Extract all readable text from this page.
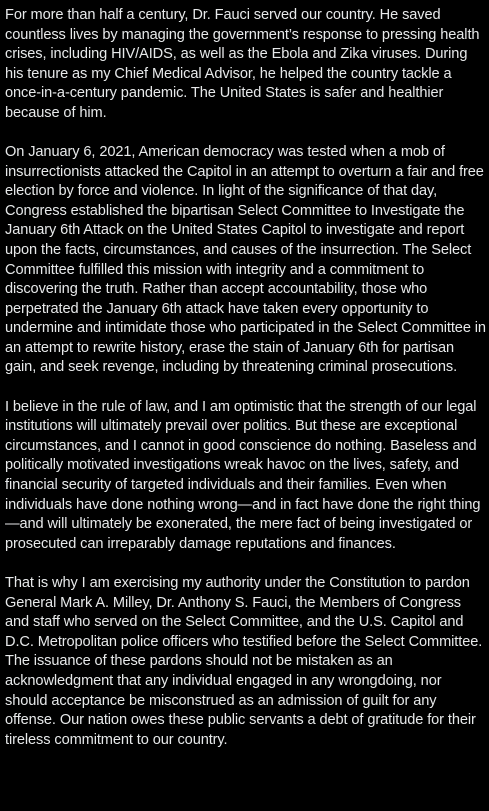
For more than half a century, Dr. Fauci served our country. He saved countless lives by managing the government’s response to pressing health crises, including HIV/AIDS, as well as the Ebola and Zika viruses. During his tenure as my Chief Medical Advisor, he helped the country tackle a once-in-a-century pandemic. The United States is safer and healthier because of him.

On January 6, 2021, American democracy was tested when a mob of insurrectionists attacked the Capitol in an attempt to overturn a fair and free election by force and violence. In light of the significance of that day, Congress established the bipartisan Select Committee to Investigate the January 6th Attack on the United States Capitol to investigate and report upon the facts, circumstances, and causes of the insurrection. The Select Committee fulfilled this mission with integrity and a commitment to discovering the truth. Rather than accept accountability, those who perpetrated the January 6th attack have taken every opportunity to undermine and intimidate those who participated in the Select Committee in an attempt to rewrite history, erase the stain of January 6th for partisan gain, and seek revenge, including by threatening criminal prosecutions.

I believe in the rule of law, and I am optimistic that the strength of our legal institutions will ultimately prevail over politics. But these are exceptional circumstances, and I cannot in good conscience do nothing. Baseless and politically motivated investigations wreak havoc on the lives, safety, and financial security of targeted individuals and their families. Even when individuals have done nothing wrong—and in fact have done the right thing—and will ultimately be exonerated, the mere fact of being investigated or prosecuted can irreparably damage reputations and finances.

That is why I am exercising my authority under the Constitution to pardon General Mark A. Milley, Dr. Anthony S. Fauci, the Members of Congress and staff who served on the Select Committee, and the U.S. Capitol and D.C. Metropolitan police officers who testified before the Select Committee. The issuance of these pardons should not be mistaken as an acknowledgment that any individual engaged in any wrongdoing, nor should acceptance be misconstrued as an admission of guilt for any offense. Our nation owes these public servants a debt of gratitude for their tireless commitment to our country.
